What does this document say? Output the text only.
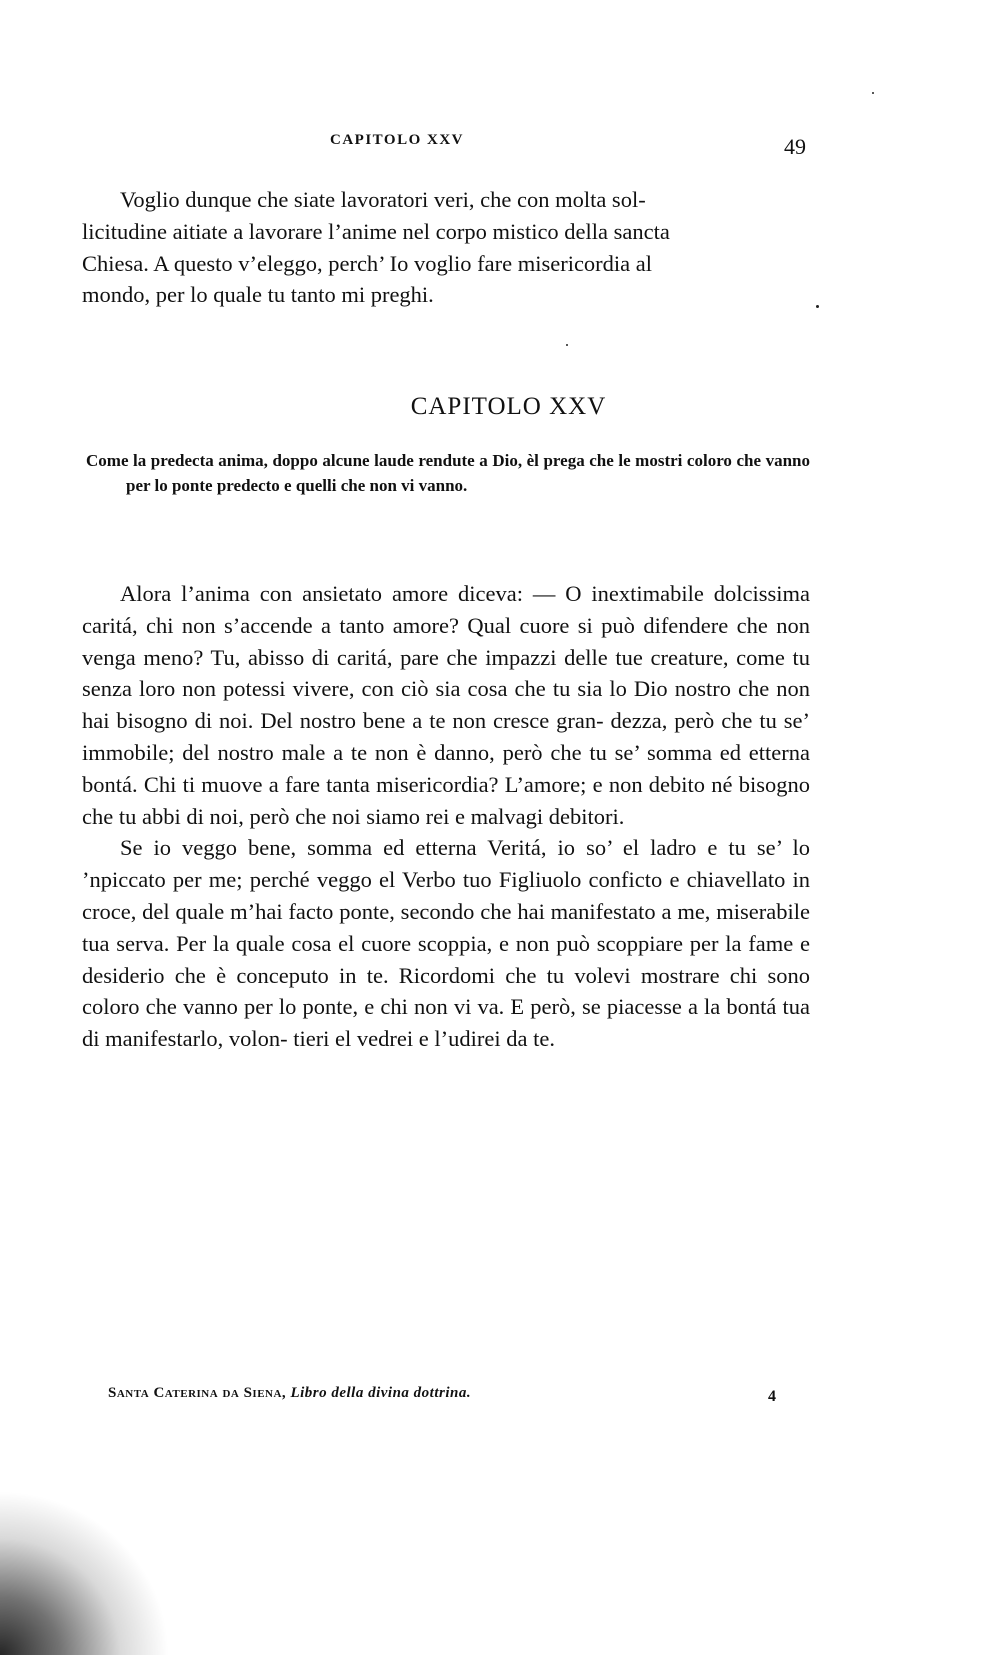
CAPITOLO XXV	49

Voglio dunque che siate lavoratori veri, che con molta sol-

licitudine aitiate a lavorare l’anime nel corpo mistico della sancta

Chiesa. A questo v’eleggo, perch’ Io voglio fare misericordia al

mondo, per lo quale tu tanto mi preghi.

CAPITOLO XXV
Come la predecta anima, doppo alcune laude rendute a Dio, èl prega che le mostri coloro che vanno per lo ponte predecto e quelli che non vi vanno.

Alora l’anima con ansietato amore diceva: — O inextimabile dolcissima caritá, chi non s’accende a tanto amore? Qual cuore si può difendere che non venga meno? Tu, abisso di caritá, pare che impazzi delle tue creature, come tu senza loro non potessi vivere, con ciò sia cosa che tu sia lo Dio nostro che non hai bisogno di noi. Del nostro bene a te non cresce gran- dezza, però che tu se’ immobile; del nostro male a te non è danno, però che tu se’ somma ed etterna bontá. Chi ti muove a fare tanta misericordia? L’amore; e non debito né bisogno che tu abbi di noi, però che noi siamo rei e malvagi debitori.

Se io veggo bene, somma ed etterna Veritá, io so’ el ladro e tu se’ lo ’npiccato per me; perché veggo el Verbo tuo Figliuolo conficto e chiavellato in croce, del quale m’hai facto ponte, secondo che hai manifestato a me, miserabile tua serva. Per la quale cosa el cuore scoppia, e non può scoppiare per la fame e desiderio che è conceputo in te. Ricordomi che tu volevi mostrare chi sono coloro che vanno per lo ponte, e chi non vi va. E però, se piacesse a la bontá tua di manifestarlo, volon- tieri el vedrei e l’udirei da te.

Santa Caterina da Siena, Libro della divina dottrina.	4
